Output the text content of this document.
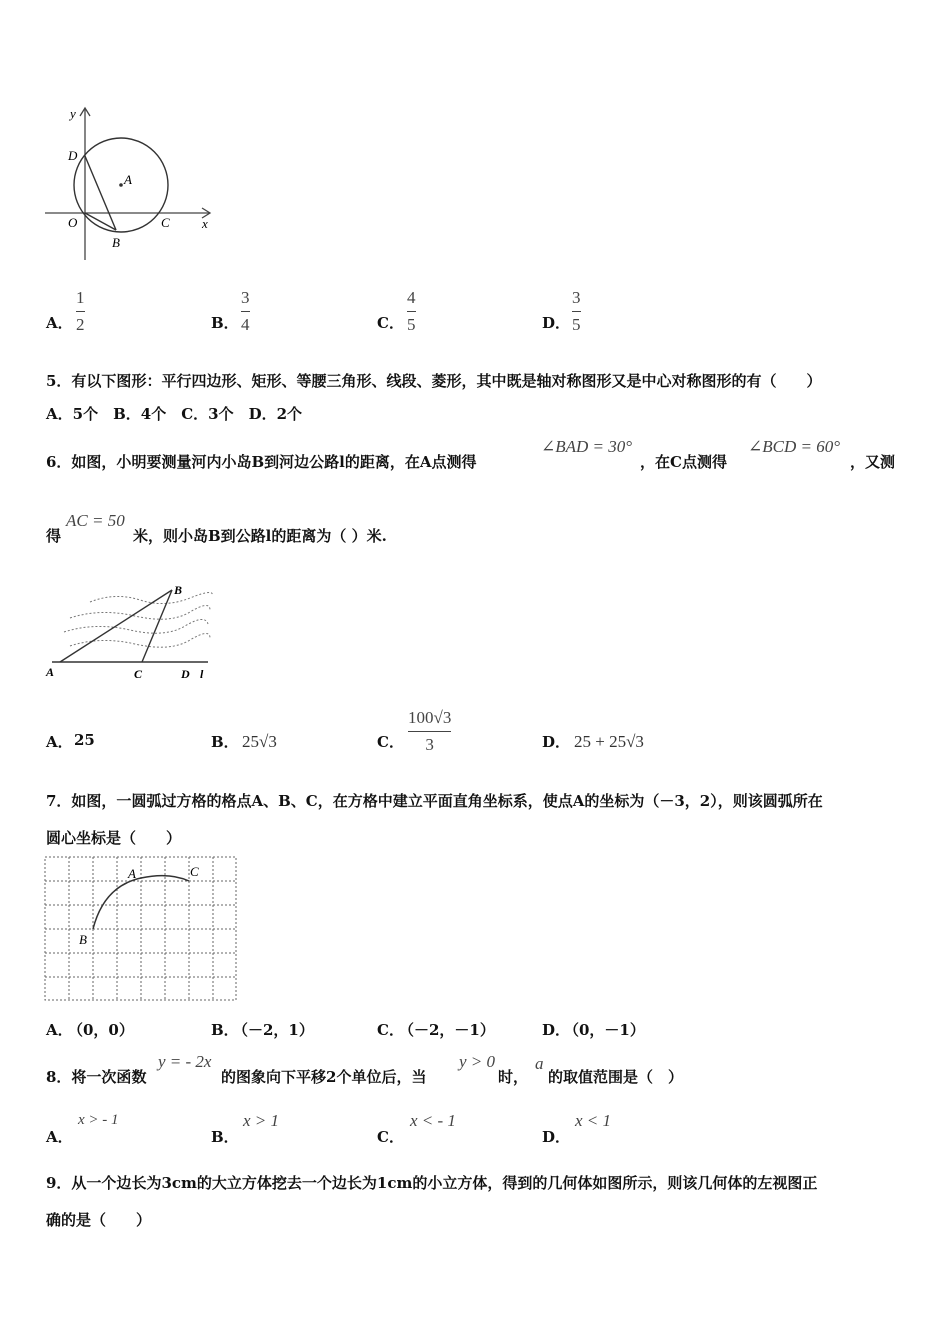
y
x
O
A
B
C
D
A．
1
2	B．
3
4	C．
4
5	D．
3
5
5．有以下图形：平行四边形、矩形、等腰三角形、线段、菱形，其中既是轴对称图形又是中心对称图形的有（　　）
A．5个　B．4个　C．3个　D．2个
6．如图，小明要测量河内小岛B到河边公路l的距离，在A点测得
∠BAD = 30°
，在C点测得
∠BCD = 60°
，又测
得
AC = 50
米，则小岛B到公路l的距离为（ ）米.
A
B
C	D l
A． 25	B． 25√3	C．
100√3
3	D． 25 + 25√3
7．如图，一圆弧过方格的格点A、B、C，在方格中建立平面直角坐标系，使点A的坐标为（－3，2），则该圆弧所在
圆心坐标是（　　）
A
B
C
A．
（0，0）	B．
（－2，1）	C．
（－2，－1）	D．
（0，－1）
8．将一次函数
y = - 2x
的图象向下平移2个单位后，当
y > 0
时，
a
的取值范围是（　）
A．
x > - 1
B．
x > 1
C．
x < - 1
D．
x < 1
9．从一个边长为3cm的大立方体挖去一个边长为1cm的小立方体，得到的几何体如图所示，则该几何体的左视图正
确的是（　　）
